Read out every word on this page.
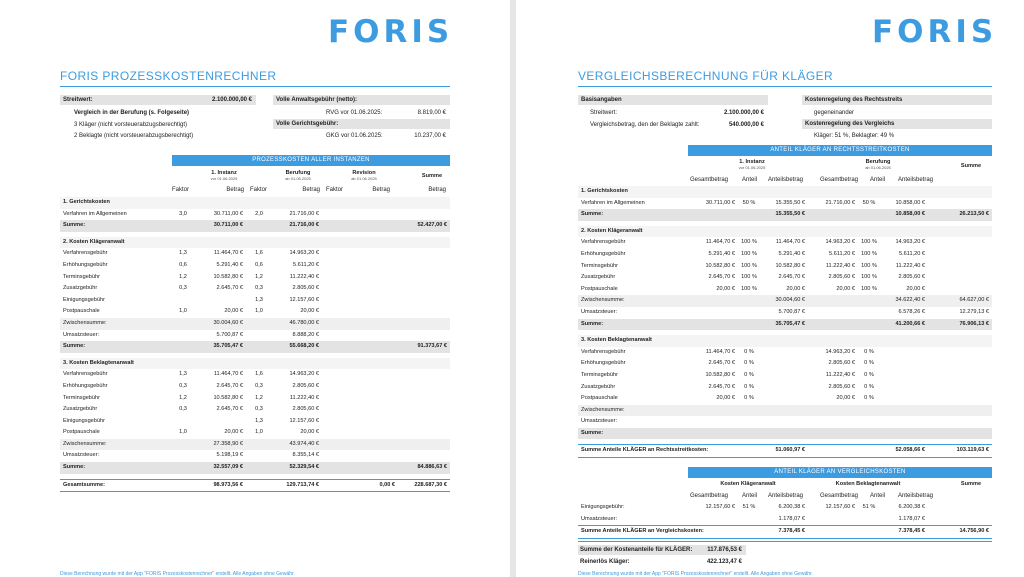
FORIS
FORIS PROZESSKOSTENRECHNER
Streitwert:	2.100.000,00 €
Vergleich in der Berufung (s. Folgeseite)
3 Kläger (nicht vorsteuerabzugsberechtigt)
2 Beklagte (nicht vorsteuerabzugsberechtigt)
Volle Anwaltsgebühr (netto):
RVG vor 01.06.2025:	8.819,00 €
Volle Gerichtsgebühr:
GKG vor 01.06.2025:	10.237,00 €
PROZESSKOSTEN ALLER INSTANZEN
1. Instanz
vor 01.06.2025
Berufung
ab 01.06.2025
Revision
ab 01.06.2025	Summe
Faktor	Betrag Faktor	Betrag Faktor	Betrag	Betrag
1. Gerichtskosten							
Verfahren im Allgemeinen	3,0	30.711,00 €	2,0	21.716,00 €			
Summe:		30.711,00 €		21.716,00 €			52.427,00 €

2. Kosten Klägeranwalt							
Verfahrensgebühr	1,3	11.464,70 €	1,6	14.963,20 €			
Erhöhungsgebühr	0,6	5.291,40 €	0,6	5.611,20 €			
Terminsgebühr	1,2	10.582,80 €	1,2	11.222,40 €			
Zusatzgebühr	0,3	2.645,70 €	0,3	2.805,60 €			
Einigungsgebühr			1,3	12.157,60 €			
Postpauschale	1,0	20,00 €	1,0	20,00 €			
Zwischensumme:		30.004,60 €		46.780,00 €			
Umsatzsteuer:		5.700,87 €		8.888,20 €			
Summe:		35.705,47 €		55.668,20 €			91.373,67 €

3. Kosten Beklagtenanwalt							
Verfahrensgebühr	1,3	11.464,70 €	1,6	14.963,20 €			
Erhöhungsgebühr	0,3	2.645,70 €	0,3	2.805,60 €			
Terminsgebühr	1,2	10.582,80 €	1,2	11.222,40 €			
Zusatzgebühr	0,3	2.645,70 €	0,3	2.805,60 €			
Einigungsgebühr			1,3	12.157,60 €			
Postpauschale	1,0	20,00 €	1,0	20,00 €			
Zwischensumme:		27.358,90 €		43.974,40 €			
Umsatzsteuer:		5.198,19 €		8.355,14 €			
Summe:		32.557,09 €		52.329,54 €			84.886,63 €

Gesamtsumme:		98.973,56 €		129.713,74 €		0,00 €	228.687,30 €
Diese Berechnung wurde mit der App "FORIS Prozesskostenrechner" erstellt. Alle Angaben ohne Gewähr.
FORIS
VERGLEICHSBERECHNUNG FÜR KLÄGER
Basisangaben
Streitwert:	2.100.000,00 €
Vergleichsbetrag, den der Beklagte zahlt:	540.000,00 €
Kostenregelung des Rechtsstreits
gegeneinander
Kostenregelung des Vergleichs
Kläger: 51 %, Beklagter: 49 %
ANTEIL KLÄGER AN RECHTSSTREITKOSTEN
1. Instanz
vor 01.06.2025
Berufung
ab 01.06.2025	Summe
Gesamtbetrag Anteil Anteilsbetrag	Gesamtbetrag Anteil Anteilsbetrag
1. Gerichtskosten							
Verfahren im Allgemeinen	30.711,00 €	50 %	15.355,50 €	21.716,00 €	50 %	10.858,00 €	
Summe:			15.355,50 €			10.858,00 €	26.213,50 €

2. Kosten Klägeranwalt							
Verfahrensgebühr	11.464,70 €	100 %	11.464,70 €	14.963,20 €	100 %	14.963,20 €	
Erhöhungsgebühr	5.291,40 €	100 %	5.291,40 €	5.611,20 €	100 %	5.611,20 €	
Terminsgebühr	10.582,80 €	100 %	10.582,80 €	11.222,40 €	100 %	11.222,40 €	
Zusatzgebühr	2.645,70 €	100 %	2.645,70 €	2.805,60 €	100 %	2.805,60 €	
Postpauschale	20,00 €	100 %	20,00 €	20,00 €	100 %	20,00 €	
Zwischensumme:			30.004,60 €			34.622,40 €	64.627,00 €
Umsatzsteuer:			5.700,87 €			6.578,26 €	12.279,13 €
Summe:			35.705,47 €			41.200,66 €	76.906,13 €

3. Kosten Beklagtenanwalt							
Verfahrensgebühr	11.464,70 €	0 %		14.963,20 €	0 %		
Erhöhungsgebühr	2.645,70 €	0 %		2.805,60 €	0 %		
Terminsgebühr	10.582,80 €	0 %		11.222,40 €	0 %		
Zusatzgebühr	2.645,70 €	0 %		2.805,60 €	0 %		
Postpauschale	20,00 €	0 %		20,00 €	0 %		
Zwischensumme:							
Umsatzsteuer:							
Summe:							

Summe Anteile KLÄGER an Rechtsstreitkosten:			51.060,97 €			52.058,66 €	103.119,63 €
ANTEIL KLÄGER AN VERGLEICHSKOSTEN
Kosten Klägeranwalt	Kosten Beklagtenanwalt	Summe
Gesamtbetrag Anteil Anteilsbetrag	Gesamtbetrag Anteil Anteilsbetrag
Einigungsgebühr:	12.157,60 €	51 %	6.200,38 €	12.157,60 €	51 %	6.200,38 €	
Umsatzsteuer:			1.178,07 €			1.178,07 €	
Summe Anteile KLÄGER an Vergleichskosten:			7.378,45 €			7.378,45 €	14.756,90 €
Summe der Kostenanteile für KLÄGER:	117.876,53 €
Reinerlös Kläger:	422.123,47 €
Diese Berechnung wurde mit der App "FORIS Prozesskostenrechner" erstellt. Alle Angaben ohne Gewähr.
